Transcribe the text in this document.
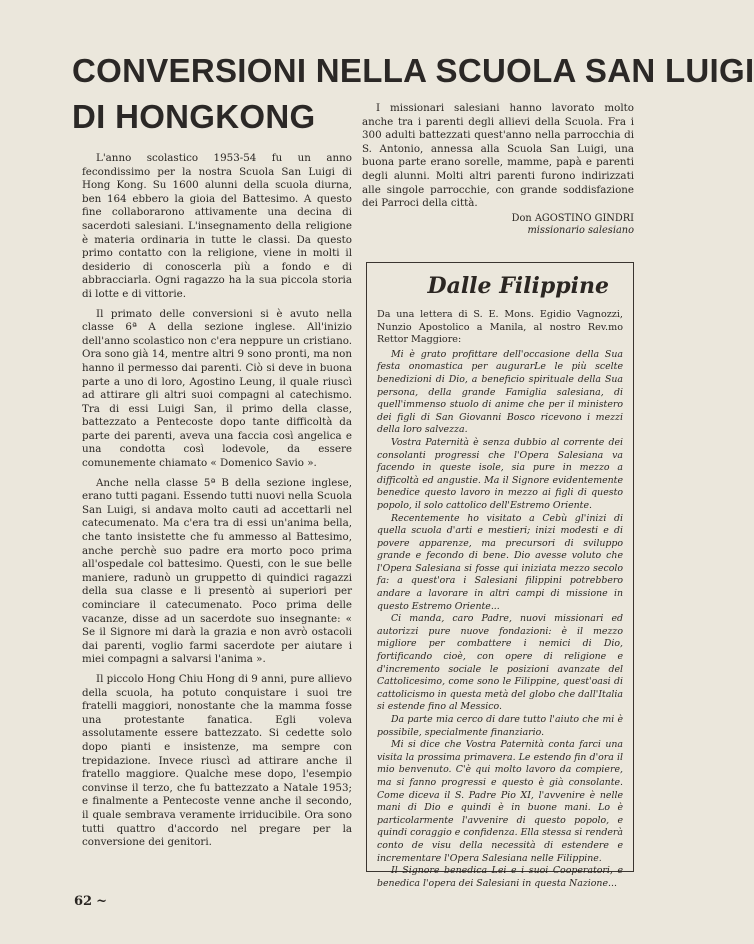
CONVERSIONI NELLA SCUOLA SAN LUIGI
DI HONGKONG

L'anno scolastico 1953-54 fu un anno fecondissimo per la nostra Scuola San Luigi di Hong Kong. Su 1600 alunni della scuola diurna, ben 164 ebbero la gioia del Battesimo. A questo fine collaborarono attivamente una decina di sacerdoti salesiani. L'insegnamento della religione è materia ordinaria in tutte le classi. Da questo primo contatto con la religione, viene in molti il desiderio di conoscerla più a fondo e di abbracciarla. Ogni ragazzo ha la sua piccola storia di lotte e di vittorie.

Il primato delle conversioni si è avuto nella classe 6ª A della sezione inglese. All'inizio dell'anno scolastico non c'era neppure un cristiano. Ora sono già 14, mentre altri 9 sono pronti, ma non hanno il permesso dai parenti. Ciò si deve in buona parte a uno di loro, Agostino Leung, il quale riuscì ad attirare gli altri suoi compagni al catechismo. Tra di essi Luigi San, il primo della classe, battezzato a Pentecoste dopo tante difficoltà da parte dei parenti, aveva una faccia così angelica e una condotta così lodevole, da essere comunemente chiamato « Domenico Savio ».

Anche nella classe 5ª B della sezione inglese, erano tutti pagani. Essendo tutti nuovi nella Scuola San Luigi, si andava molto cauti ad accettarli nel catecumenato. Ma c'era tra di essi un'anima bella, che tanto insistette che fu ammesso al Battesimo, anche perchè suo padre era morto poco prima all'ospedale col battesimo. Questi, con le sue belle maniere, radunò un gruppetto di quindici ragazzi della sua classe e li presentò ai superiori per cominciare il catecumenato. Poco prima delle vacanze, disse ad un sacerdote suo insegnante: « Se il Signore mi darà la grazia e non avrò ostacoli dai parenti, voglio farmi sacerdote per aiutare i miei compagni a salvarsi l'anima ».

Il piccolo Hong Chiu Hong di 9 anni, pure allievo della scuola, ha potuto conquistare i suoi tre fratelli maggiori, nonostante che la mamma fosse una protestante fanatica. Egli voleva assolutamente essere battezzato. Si cedette solo dopo pianti e insistenze, ma sempre con trepidazione. Invece riuscì ad attirare anche il fratello maggiore. Qualche mese dopo, l'esempio convinse il terzo, che fu battezzato a Natale 1953; e finalmente a Pentecoste venne anche il secondo, il quale sembrava veramente irriducibile. Ora sono tutti quattro d'accordo nel pregare per la conversione dei genitori.

I missionari salesiani hanno lavorato molto anche tra i parenti degli allievi della Scuola. Fra i 300 adulti battezzati quest'anno nella parrocchia di S. Antonio, annessa alla Scuola San Luigi, una buona parte erano sorelle, mamme, papà e parenti degli alunni. Molti altri parenti furono indirizzati alle singole parrocchie, con grande soddisfazione dei Parroci della città.

Don AGOSTINO GINDRI
missionario salesiano
Dalle Filippine

Da una lettera di S. E. Mons. Egidio Vagnozzi, Nunzio Apostolico a Manila, al nostro Rev.mo Rettor Maggiore:

Mi è grato profittare dell'occasione della Sua festa onomastica per augurarLe le più scelte benedizioni di Dio, a beneficio spirituale della Sua persona, della grande Famiglia salesiana, di quell'immenso stuolo di anime che per il ministero dei figli di San Giovanni Bosco ricevono i mezzi della loro salvezza.

Vostra Paternità è senza dubbio al corrente dei consolanti progressi che l'Opera Salesiana va facendo in queste isole, sia pure in mezzo a difficoltà ed angustie. Ma il Signore evidentemente benedice questo lavoro in mezzo ai figli di questo popolo, il solo cattolico dell'Estremo Oriente.

Recentemente ho visitato a Cebù gl'inizi di quella scuola d'arti e mestieri; inizi modesti e di povere apparenze, ma precursori di sviluppo grande e fecondo di bene. Dio avesse voluto che l'Opera Salesiana si fosse qui iniziata mezzo secolo fa: a quest'ora i Salesiani filippini potrebbero andare a lavorare in altri campi di missione in questo Estremo Oriente...

Ci manda, caro Padre, nuovi missionari ed autorizzi pure nuove fondazioni: è il mezzo migliore per combattere i nemici di Dio, fortificando cioè, con opere di religione e d'incremento sociale le posizioni avanzate del Cattolicesimo, come sono le Filippine, quest'oasi di cattolicismo in questa metà del globo che dall'Italia si estende fino al Messico.

Da parte mia cerco di dare tutto l'aiuto che mi è possibile, specialmente finanziario.

Mi si dice che Vostra Paternità conta farci una visita la prossima primavera. Le estendo fin d'ora il mio benvenuto. C'è qui molto lavoro da compiere, ma si fanno progressi e questo è già consolante. Come diceva il S. Padre Pio XI, l'avvenire è nelle mani di Dio e quindi è in buone mani. Lo è particolarmente l'avvenire di questo popolo, e quindi coraggio e confidenza. Ella stessa si renderà conto de visu della necessità di estendere e incrementare l'Opera Salesiana nelle Filippine.

Il Signore benedica Lei e i suoi Cooperatori, e benedica l'opera dei Salesiani in questa Nazione...

62 ~
